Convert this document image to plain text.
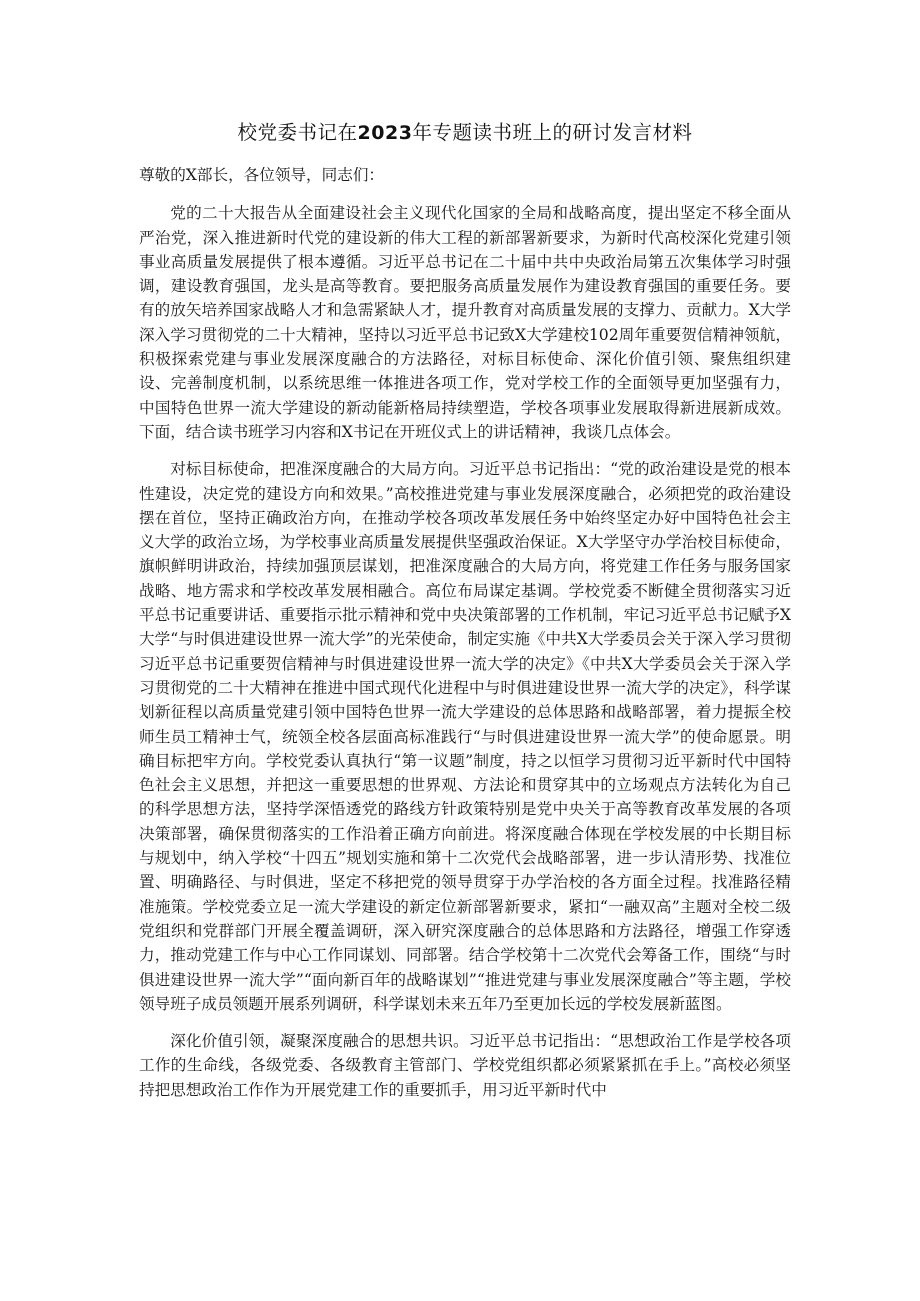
校党委书记在2023年专题读书班上的研讨发言材料

尊敬的X部长，各位领导，同志们：

党的二十大报告从全面建设社会主义现代化国家的全局和战略高度，提出坚定不移全面从严治党，深入推进新时代党的建设新的伟大工程的新部署新要求，为新时代高校深化党建引领事业高质量发展提供了根本遵循。习近平总书记在二十届中共中央政治局第五次集体学习时强调，建设教育强国，龙头是高等教育。要把服务高质量发展作为建设教育强国的重要任务。要有的放矢培养国家战略人才和急需紧缺人才，提升教育对高质量发展的支撑力、贡献力。X大学深入学习贯彻党的二十大精神，坚持以习近平总书记致X大学建校102周年重要贺信精神领航，积极探索党建与事业发展深度融合的方法路径，对标目标使命、深化价值引领、聚焦组织建设、完善制度机制，以系统思维一体推进各项工作，党对学校工作的全面领导更加坚强有力，中国特色世界一流大学建设的新动能新格局持续塑造，学校各项事业发展取得新进展新成效。下面，结合读书班学习内容和X书记在开班仪式上的讲话精神，我谈几点体会。

对标目标使命，把准深度融合的大局方向。习近平总书记指出：“党的政治建设是党的根本性建设，决定党的建设方向和效果。”高校推进党建与事业发展深度融合，必须把党的政治建设摆在首位，坚持正确政治方向，在推动学校各项改革发展任务中始终坚定办好中国特色社会主义大学的政治立场，为学校事业高质量发展提供坚强政治保证。X大学坚守办学治校目标使命，旗帜鲜明讲政治，持续加强顶层谋划，把准深度融合的大局方向，将党建工作任务与服务国家战略、地方需求和学校改革发展相融合。高位布局谋定基调。学校党委不断健全贯彻落实习近平总书记重要讲话、重要指示批示精神和党中央决策部署的工作机制，牢记习近平总书记赋予X大学“与时俱进建设世界一流大学”的光荣使命，制定实施《中共X大学委员会关于深入学习贯彻习近平总书记重要贺信精神与时俱进建设世界一流大学的决定》《中共X大学委员会关于深入学习贯彻党的二十大精神在推进中国式现代化进程中与时俱进建设世界一流大学的决定》，科学谋划新征程以高质量党建引领中国特色世界一流大学建设的总体思路和战略部署，着力提振全校师生员工精神士气，统领全校各层面高标准践行“与时俱进建设世界一流大学”的使命愿景。明确目标把牢方向。学校党委认真执行“第一议题”制度，持之以恒学习贯彻习近平新时代中国特色社会主义思想，并把这一重要思想的世界观、方法论和贯穿其中的立场观点方法转化为自己的科学思想方法，坚持学深悟透党的路线方针政策特别是党中央关于高等教育改革发展的各项决策部署，确保贯彻落实的工作沿着正确方向前进。将深度融合体现在学校发展的中长期目标与规划中，纳入学校“十四五”规划实施和第十二次党代会战略部署，进一步认清形势、找准位置、明确路径、与时俱进，坚定不移把党的领导贯穿于办学治校的各方面全过程。找准路径精准施策。学校党委立足一流大学建设的新定位新部署新要求，紧扣“一融双高”主题对全校二级党组织和党群部门开展全覆盖调研，深入研究深度融合的总体思路和方法路径，增强工作穿透力，推动党建工作与中心工作同谋划、同部署。结合学校第十二次党代会筹备工作，围绕“与时俱进建设世界一流大学”“面向新百年的战略谋划”“推进党建与事业发展深度融合”等主题，学校领导班子成员领题开展系列调研，科学谋划未来五年乃至更加长远的学校发展新蓝图。

深化价值引领，凝聚深度融合的思想共识。习近平总书记指出：“思想政治工作是学校各项工作的生命线，各级党委、各级教育主管部门、学校党组织都必须紧紧抓在手上。”高校必须坚持把思想政治工作作为开展党建工作的重要抓手，用习近平新时代中
